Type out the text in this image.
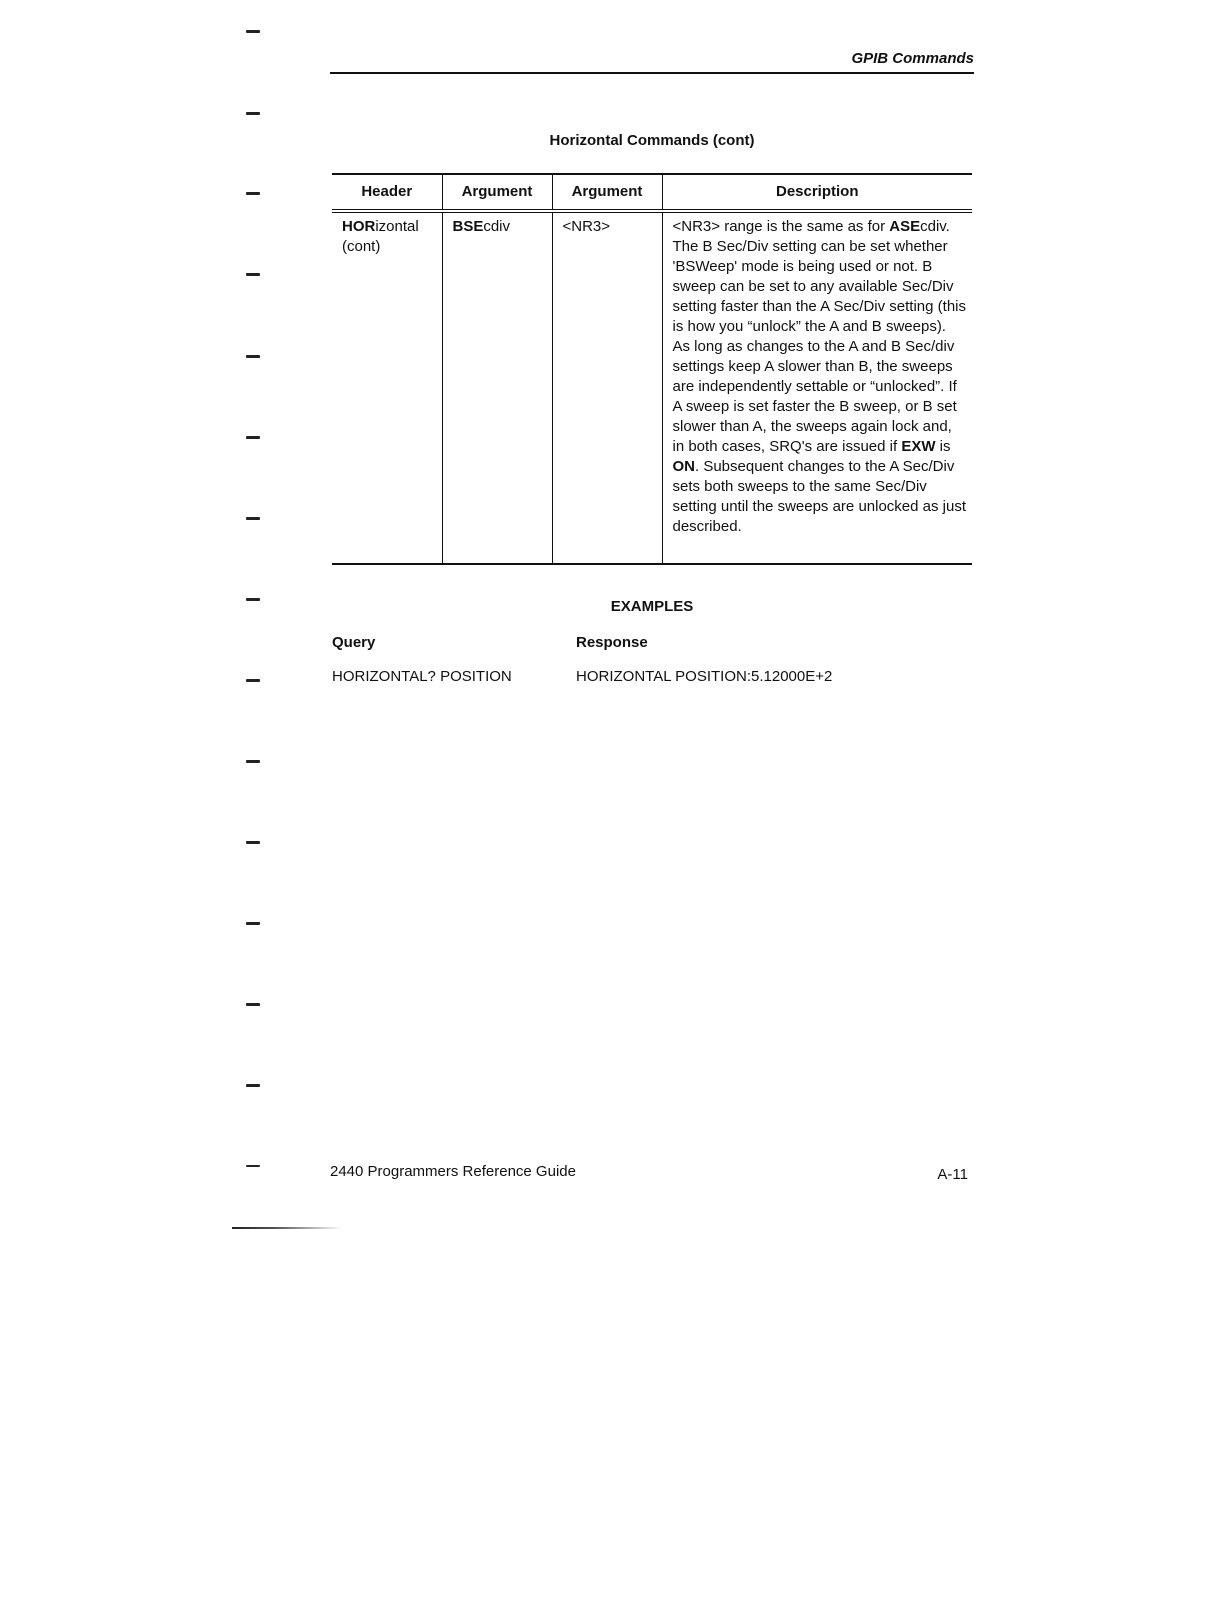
GPIB Commands
Horizontal Commands (cont)
Header	Argument	Argument	Description
HORizontal
(cont)	BSEcdiv	<NR3>	<NR3> range is the same as for ASEcdiv. The B Sec/Div setting can be set whether 'BSWeep' mode is being used or not. B sweep can be set to any available Sec/Div setting faster than the A Sec/Div setting (this is how you “unlock” the A and B sweeps). As long as changes to the A and B Sec/div settings keep A slower than B, the sweeps are independently settable or “unlocked”. If A sweep is set faster the B sweep, or B set slower than A, the sweeps again lock and, in both cases, SRQ's are issued if EXW is ON. Subsequent changes to the A Sec/Div sets both sweeps to the same Sec/Div setting until the sweeps are unlocked as just described.
EXAMPLES
Query	Response
HORIZONTAL? POSITION	HORIZONTAL POSITION:5.12000E+2
2440 Programmers Reference Guide	A-11
